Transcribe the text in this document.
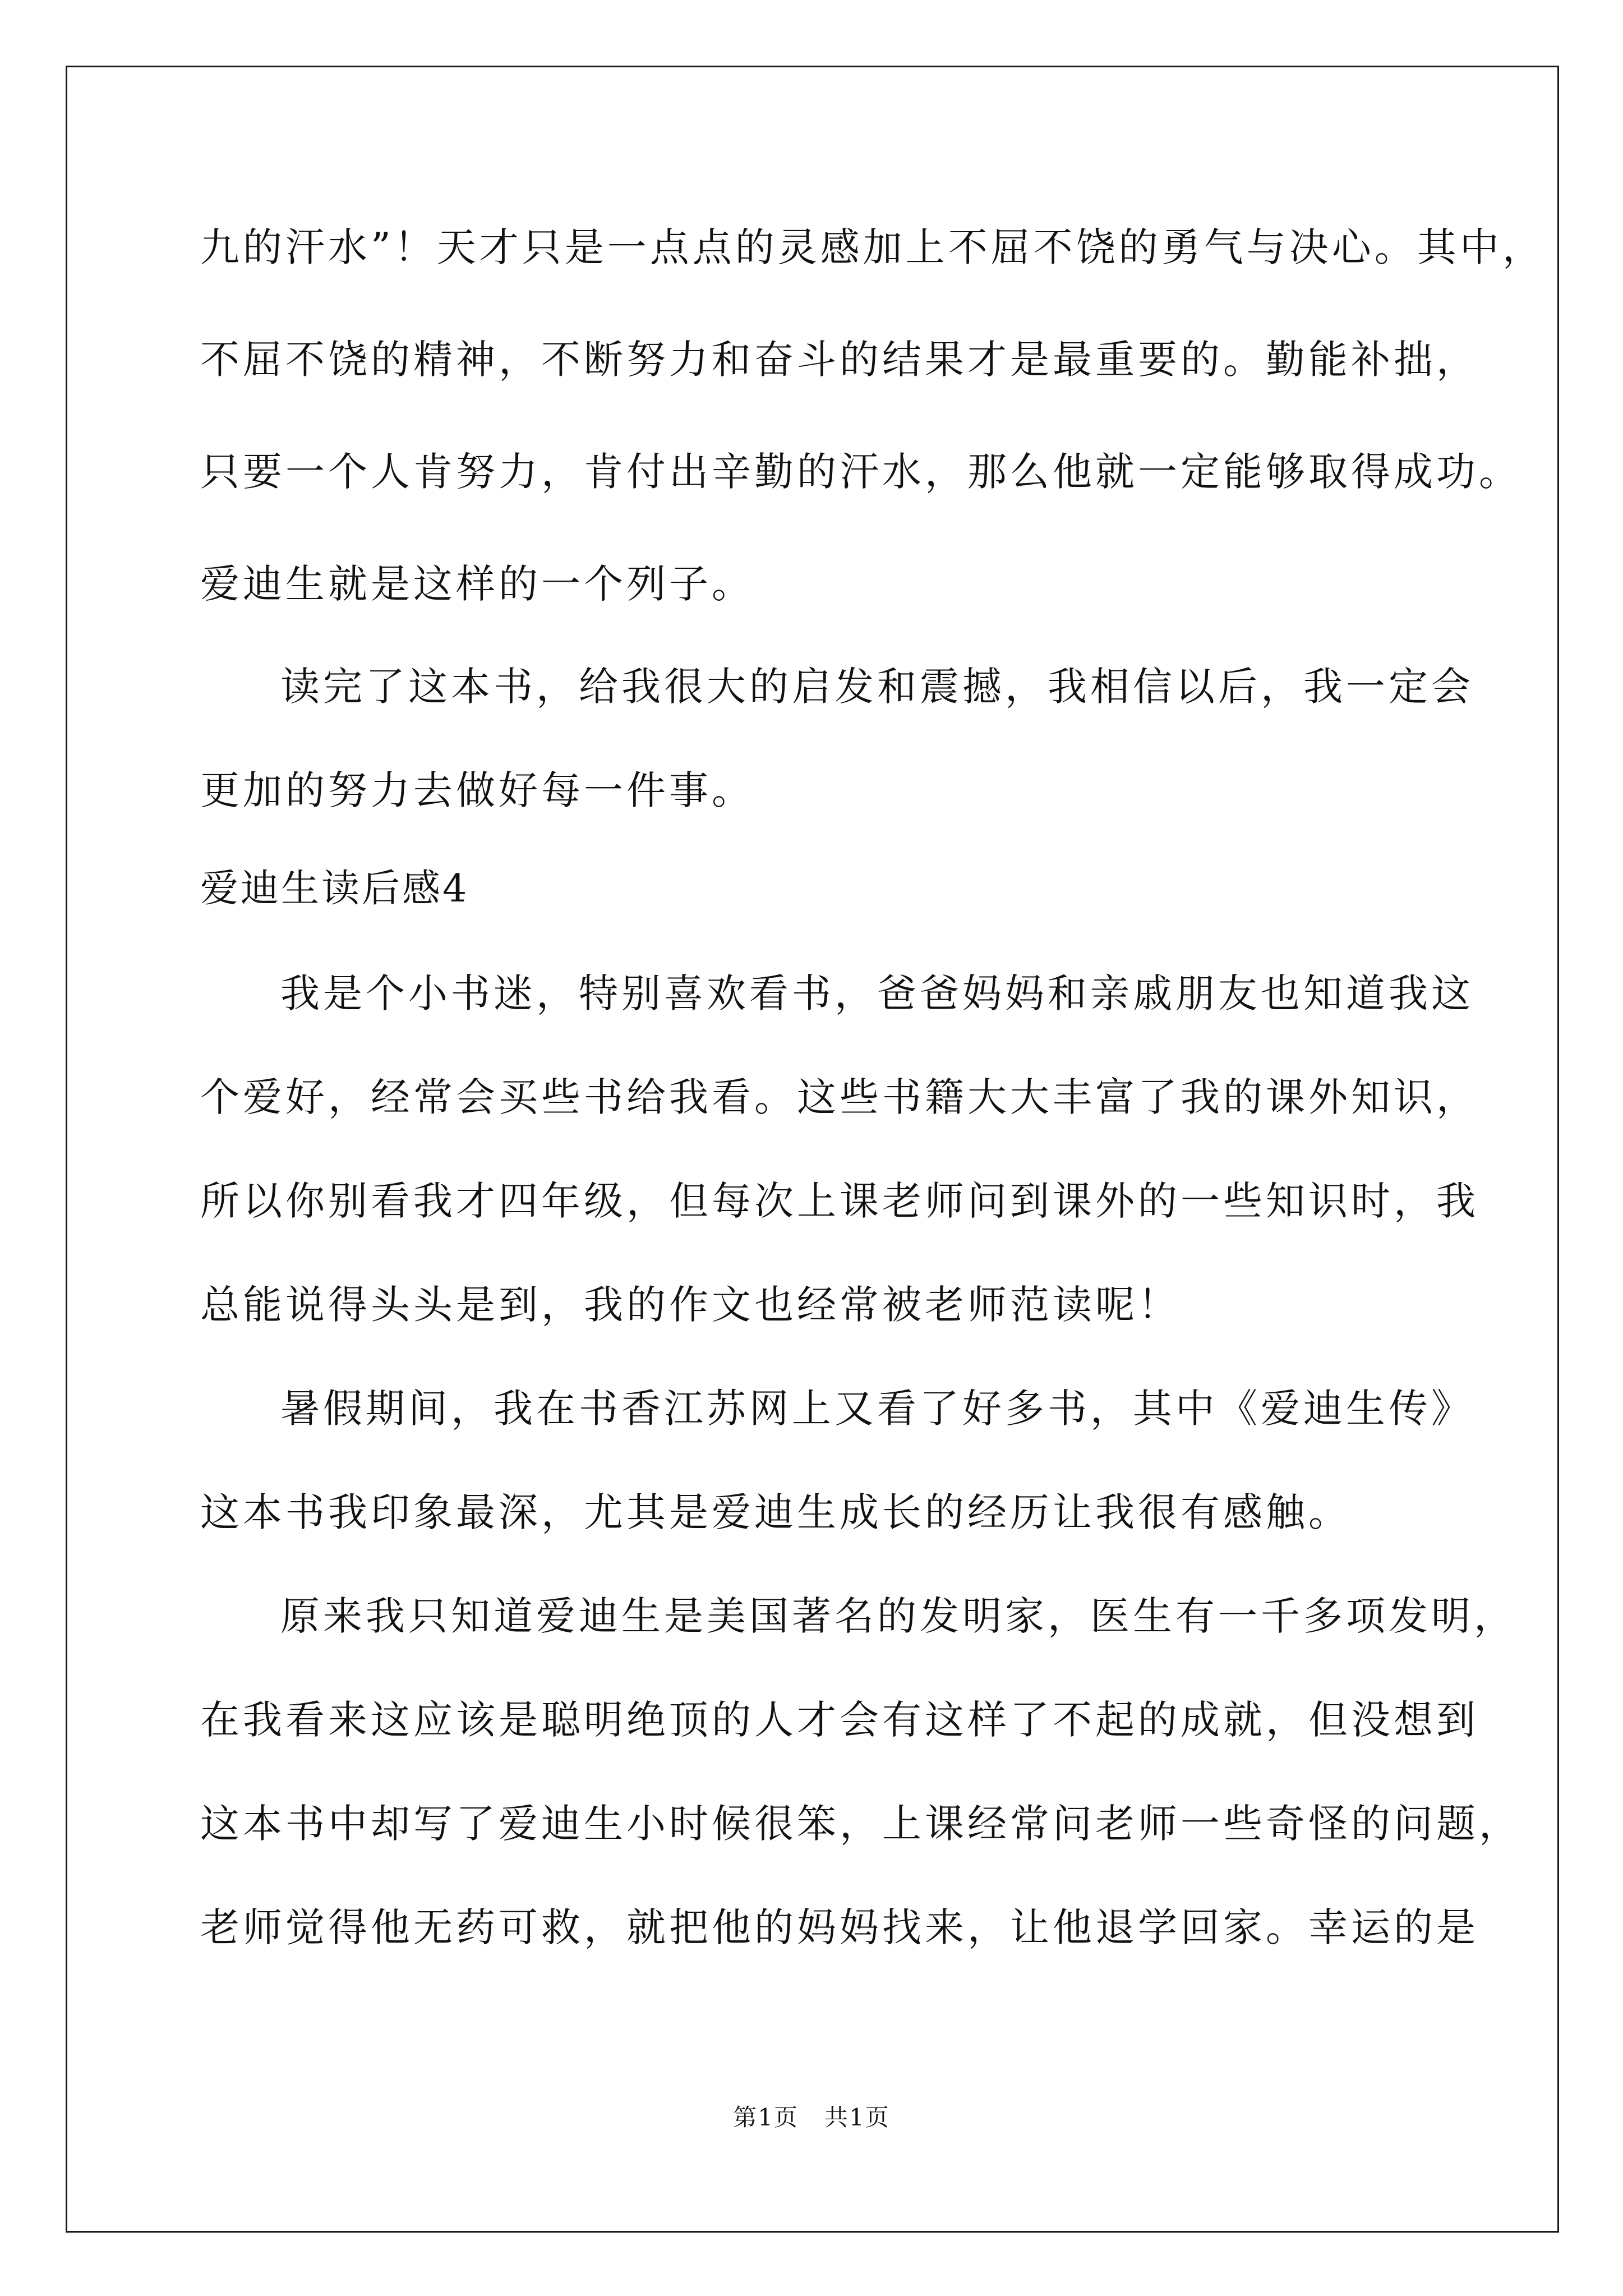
九的汗水”！天才只是一点点的灵感加上不屈不饶的勇气与决心。其中，

不屈不饶的精神，不断努力和奋斗的结果才是最重要的。勤能补拙，

只要一个人肯努力，肯付出辛勤的汗水，那么他就一定能够取得成功。

爱迪生就是这样的一个列子。

读完了这本书，给我很大的启发和震撼，我相信以后，我一定会

更加的努力去做好每一件事。

爱迪生读后感4

我是个小书迷，特别喜欢看书，爸爸妈妈和亲戚朋友也知道我这

个爱好，经常会买些书给我看。这些书籍大大丰富了我的课外知识，

所以你别看我才四年级，但每次上课老师问到课外的一些知识时，我

总能说得头头是到，我的作文也经常被老师范读呢！

暑假期间，我在书香江苏网上又看了好多书，其中《爱迪生传》

这本书我印象最深，尤其是爱迪生成长的经历让我很有感触。

原来我只知道爱迪生是美国著名的发明家，医生有一千多项发明，

在我看来这应该是聪明绝顶的人才会有这样了不起的成就，但没想到

这本书中却写了爱迪生小时候很笨，上课经常问老师一些奇怪的问题，

老师觉得他无药可救，就把他的妈妈找来，让他退学回家。幸运的是

第1页   共1页
